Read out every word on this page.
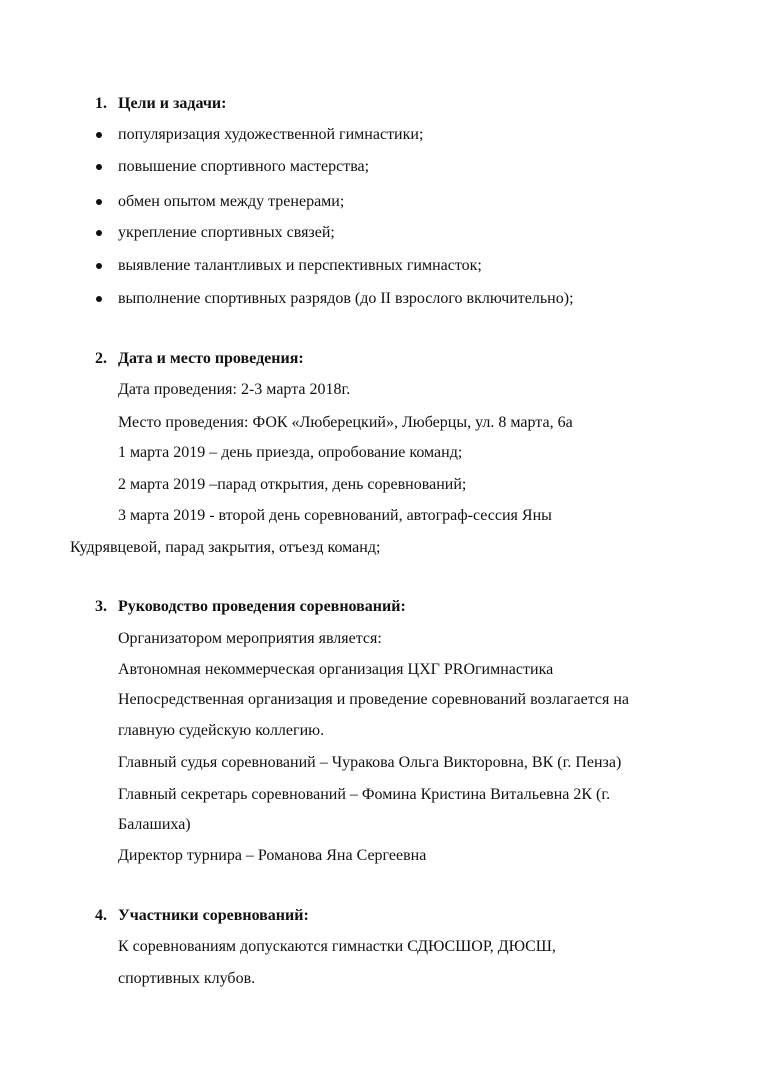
1. Цели и задачи:
популяризация художественной гимнастики;
повышение спортивного мастерства;
обмен опытом между тренерами;
укрепление спортивных связей;
выявление талантливых и перспективных гимнасток;
выполнение спортивных разрядов (до II взрослого включительно);
2. Дата и место проведения:
Дата проведения: 2-3 марта 2018г.
Место проведения: ФОК «Люберецкий», Люберцы, ул. 8 марта, 6а
1 марта 2019 – день приезда, опробование команд;
2 марта 2019 –парад открытия, день соревнований;
3 марта 2019 - второй день соревнований, автограф-сессия Яны
Кудрявцевой, парад закрытия, отъезд команд;
3. Руководство проведения соревнований:
Организатором мероприятия является:
Автономная некоммерческая организация ЦХГ PROгимнастика
Непосредственная организация и проведение соревнований возлагается на
главную судейскую коллегию.
Главный судья соревнований – Чуракова Ольга Викторовна, ВК (г. Пенза)
Главный секретарь соревнований – Фомина Кристина Витальевна 2К (г.
Балашиха)
Директор турнира – Романова Яна Сергеевна
4. Участники соревнований:
К соревнованиям допускаются гимнастки СДЮСШОР, ДЮСШ,
спортивных клубов.
